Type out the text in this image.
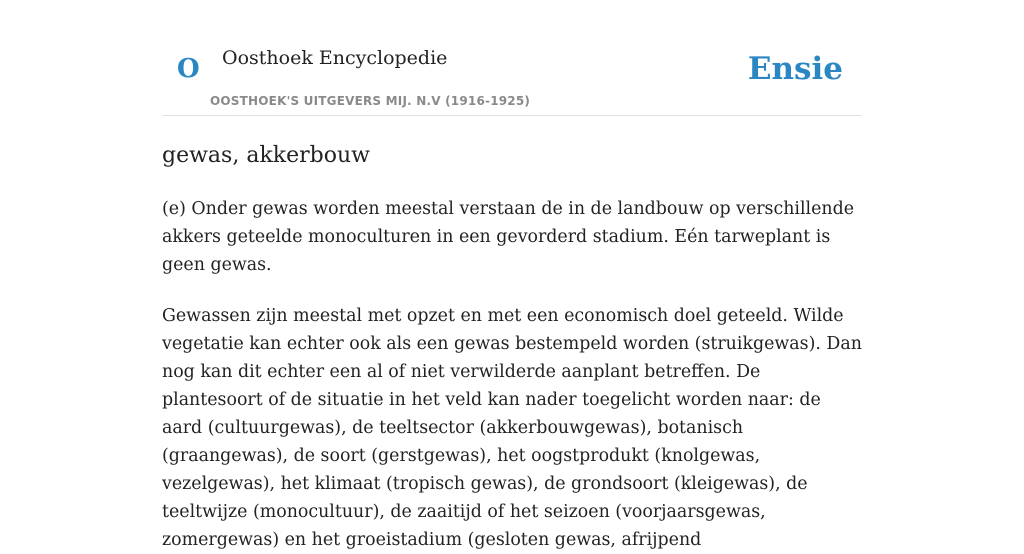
O Oosthoek Encyclopedie
OOSTHOEK'S UITGEVERS MIJ. N.V (1916-1925)
Ensie
gewas, akkerbouw

(e) Onder gewas worden meestal verstaan de in de landbouw op verschillende akkers geteelde monoculturen in een gevorderd stadium. Eén tarweplant is geen gewas.

Gewassen zijn meestal met opzet en met een economisch doel geteeld. Wilde vegetatie kan echter ook als een gewas bestempeld worden (struikgewas). Dan nog kan dit echter een al of niet verwilderde aanplant betreffen. De plantesoort of de situatie in het veld kan nader toegelicht worden naar: de aard (cultuurgewas), de teeltsector (akkerbouwgewas), botanisch (graangewas), de soort (gerstgewas), het oogstprodukt (knolgewas, vezelgewas), het klimaat (tropisch gewas), de grondsoort (kleigewas), de teeltwijze (monocultuur), de zaaitijd of het seizoen (voorjaarsgewas, zomergewas) en het groeistadium (gesloten gewas, afrijpend
